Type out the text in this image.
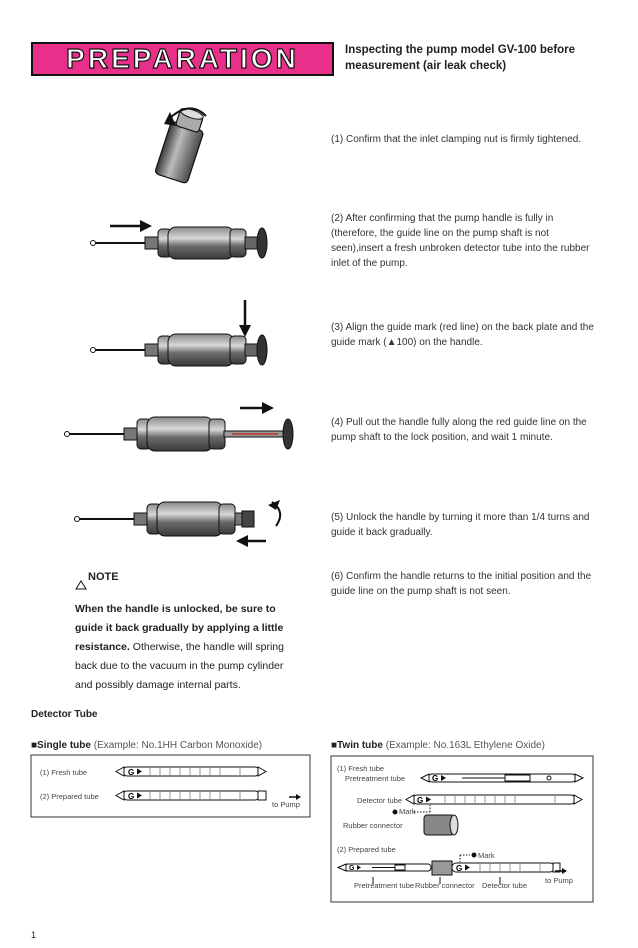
PREPARATION	Inspecting the pump model GV-100 before measurement (air leak check)
(1) Confirm that the inlet clamping nut is firmly tightened.
(2) After confirming that the pump handle is fully in (therefore, the guide line on the pump shaft is not seen),insert a fresh unbroken detector tube into the rubber inlet of the pump.
(3) Align the guide mark (red line) on the back plate and the guide mark (▲100) on the handle.
(4) Pull out the handle fully along the red guide line on the pump shaft to the lock position, and wait 1 minute.
(5) Unlock the handle by turning it more than 1/4 turns and guide it back gradually.
(6) Confirm the handle returns to the initial position and the guide line on the pump shaft is not seen.
G
G
G
G
G	G
NOTE
When the handle is unlocked, be sure to guide it back gradually by applying a little resistance. Otherwise, the handle will spring back due to the vacuum in the pump cylinder and possibly damage internal parts.
Detector Tube
■Single tube (Example: No.1HH Carbon Monoxide)
(1) Fresh tube
(2) Prepared tube
to Pump
■Twin tube (Example: No.163L Ethylene Oxide)
(1) Fresh tube
Pretreatment tube
Detector tube
Mark
Rubber connector
(2) Prepared tube
Mark
Pretreatment tube Rubber connector Detector tube
to Pump
1
